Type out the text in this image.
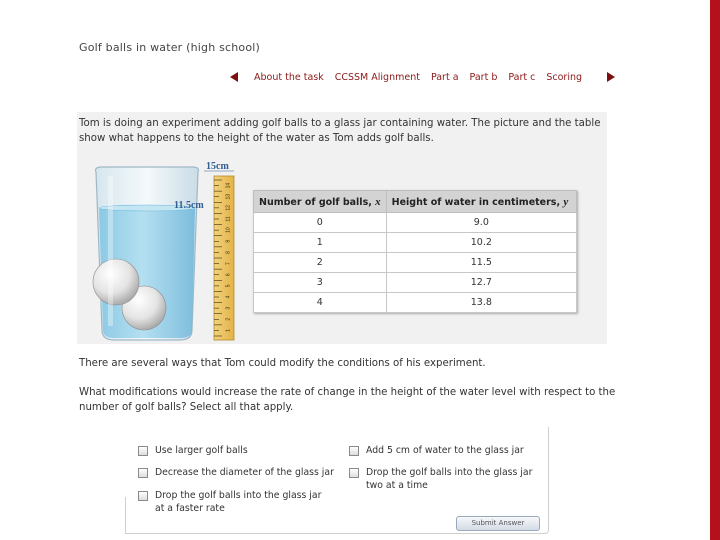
Golf balls in water (high school)
About the task CCSSM Alignment Part a Part b Part c Scoring
Tom is doing an experiment adding golf balls to a glass jar containing water. The picture and the table show what happens to the height of the water as Tom adds golf balls.
1
2
3
4
5
6
7
8
9
10
11
12
13
14
15cm
11.5cm	Number of golf balls, x	Height of water in centimeters, y
0	9.0
1	10.2
2	11.5
3	12.7
4	13.8
There are several ways that Tom could modify the conditions of his experiment.
What modifications would increase the rate of change in the height of the water level with respect to the number of golf balls? Select all that apply.
Use larger golf balls
Decrease the diameter of the glass jar
Drop the golf balls into the glass jar at a faster rate
Add 5 cm of water to the glass jar
Drop the golf balls into the glass jar two at a time
Submit Answer
